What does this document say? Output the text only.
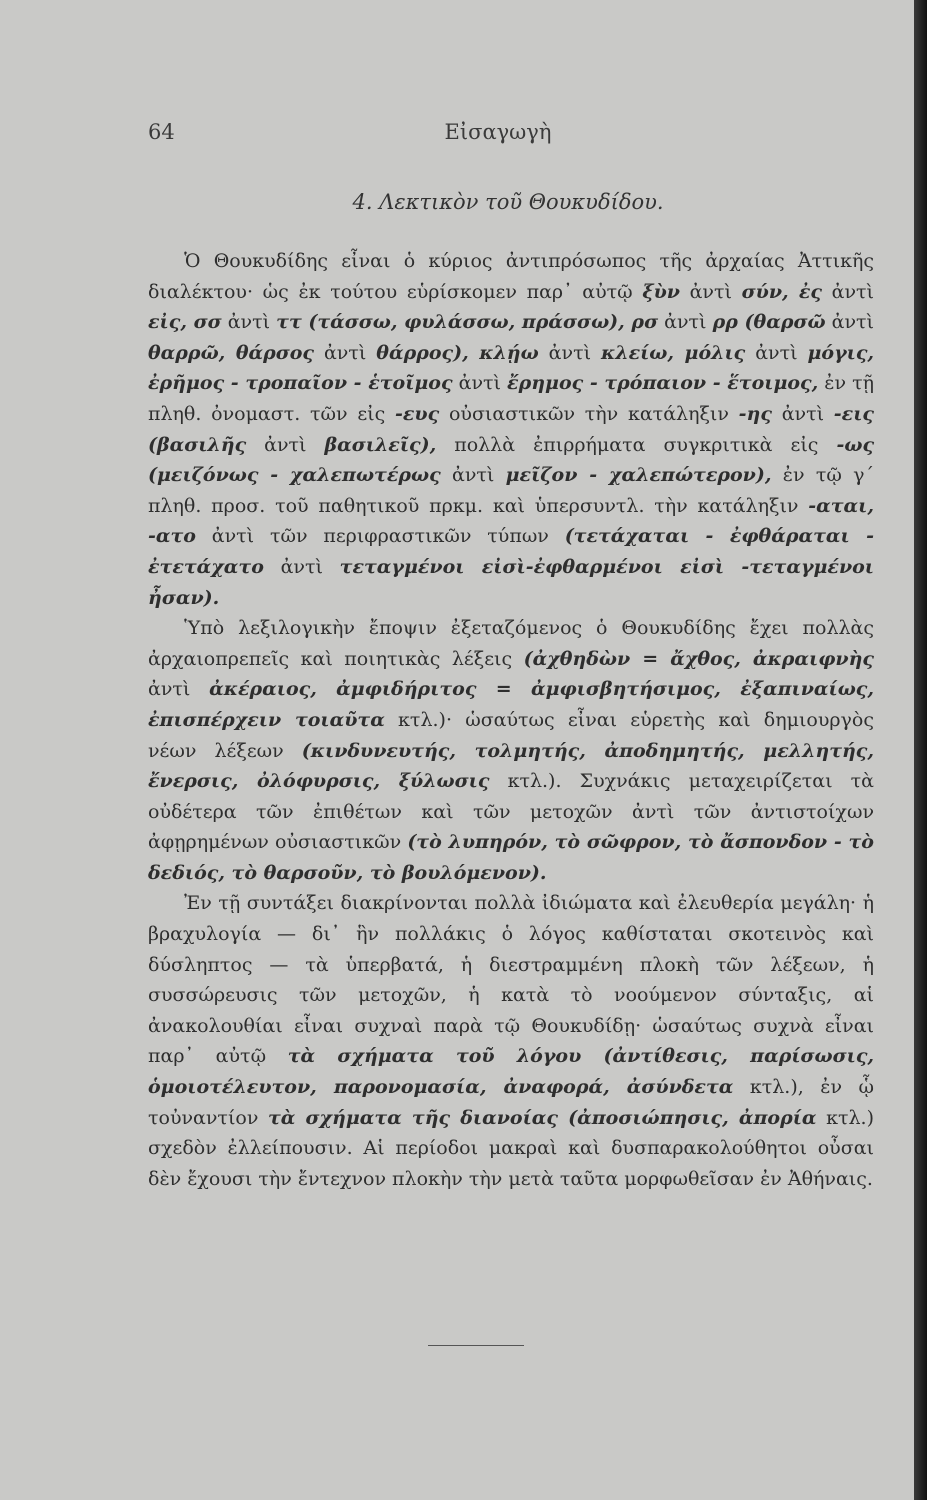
64	Εἰσαγωγὴ
4. Λεκτικὸν τοῦ Θουκυδίδου.

Ὁ Θουκυδίδης εἶναι ὁ κύριος ἀντιπρόσωπος τῆς ἀρχαίας Ἀττικῆς διαλέκτου· ὡς ἐκ τούτου εὑρίσκομεν παρ᾽ αὐτῷ ξὺν ἀντὶ σύν, ἐς ἀντὶ εἰς, σσ ἀντὶ ττ (τάσσω, φυλάσσω, πράσσω), ρσ ἀντὶ ρρ (θαρσῶ ἀντὶ θαρρῶ, θάρσος ἀντὶ θάρρος), κλῄω ἀντὶ κλείω, μόλις ἀντὶ μόγις, ἐρῆμος - τροπαῖον - ἑτοῖμος ἀντὶ ἔρημος - τρόπαιον - ἕτοιμος, ἐν τῇ πληθ. ὀνομαστ. τῶν εἰς -ευς οὐσιαστικῶν τὴν κατάληξιν -ης ἀντὶ -εις (βασιλῆς ἀντὶ βασιλεῖς), πολλὰ ἐπιρρήματα συγκριτικὰ εἰς -ως (μειζόνως - χαλεπωτέρως ἀντὶ μεῖζον - χαλεπώτερον), ἐν τῷ γ´ πληθ. προσ. τοῦ παθητικοῦ πρκμ. καὶ ὑπερσυντλ. τὴν κατάληξιν -αται, -ατο ἀντὶ τῶν περιφραστικῶν τύπων (τετάχαται - ἐφθάραται - ἐτετάχατο ἀντὶ τεταγμένοι εἰσὶ-ἐφθαρμένοι εἰσὶ -τεταγμένοι ἦσαν).

Ὑπὸ λεξιλογικὴν ἔποψιν ἐξεταζόμενος ὁ Θουκυδίδης ἔχει πολλὰς ἀρχαιοπρεπεῖς καὶ ποιητικὰς λέξεις (ἀχθηδὼν = ἄχθος, ἀκραιφνὴς ἀντὶ ἀκέραιος, ἀμφιδήριτος = ἀμφισβητήσιμος, ἐξαπιναίως, ἐπισπέρχειν τοιαῦτα κτλ.)· ὡσαύτως εἶναι εὑρετὴς καὶ δημιουργὸς νέων λέξεων (κινδυνευτής, τολμητής, ἀποδημητής, μελλητής, ἔνερσις, ὀλόφυρσις, ξύλωσις κτλ.). Συχνάκις μεταχειρίζεται τὰ οὐδέτερα τῶν ἐπιθέτων καὶ τῶν μετοχῶν ἀντὶ τῶν ἀντιστοίχων ἀφῃρημένων οὐσιαστικῶν (τὸ λυπηρόν, τὸ σῶφρον, τὸ ἄσπονδον - τὸ δεδιός, τὸ θαρσοῦν, τὸ βουλόμενον).

Ἐν τῇ συντάξει διακρίνονται πολλὰ ἰδιώματα καὶ ἐλευθερία μεγάλη· ἡ βραχυλογία — δι᾽ ἣν πολλάκις ὁ λόγος καθίσταται σκοτεινὸς καὶ δύσληπτος — τὰ ὑπερβατά, ἡ διεστραμμένη πλοκὴ τῶν λέξεων, ἡ συσσώρευσις τῶν μετοχῶν, ἡ κατὰ τὸ νοούμενον σύνταξις, αἱ ἀνακολουθίαι εἶναι συχναὶ παρὰ τῷ Θουκυδίδῃ· ὡσαύτως συχνὰ εἶναι παρ᾽ αὐτῷ τὰ σχήματα τοῦ λόγου (ἀντίθεσις, παρίσωσις, ὁμοιοτέλευτον, παρονομασία, ἀναφορά, ἀσύνδετα κτλ.), ἐν ᾧ τοὐναντίον τὰ σχήματα τῆς διανοίας (ἀποσιώπησις, ἀπορία κτλ.) σχεδὸν ἐλλείπουσιν. Αἱ περίοδοι μακραὶ καὶ δυσπαρακολούθητοι οὖσαι δὲν ἔχουσι τὴν ἔντεχνον πλοκὴν τὴν μετὰ ταῦτα μορφωθεῖσαν ἐν Ἀθήναις.
